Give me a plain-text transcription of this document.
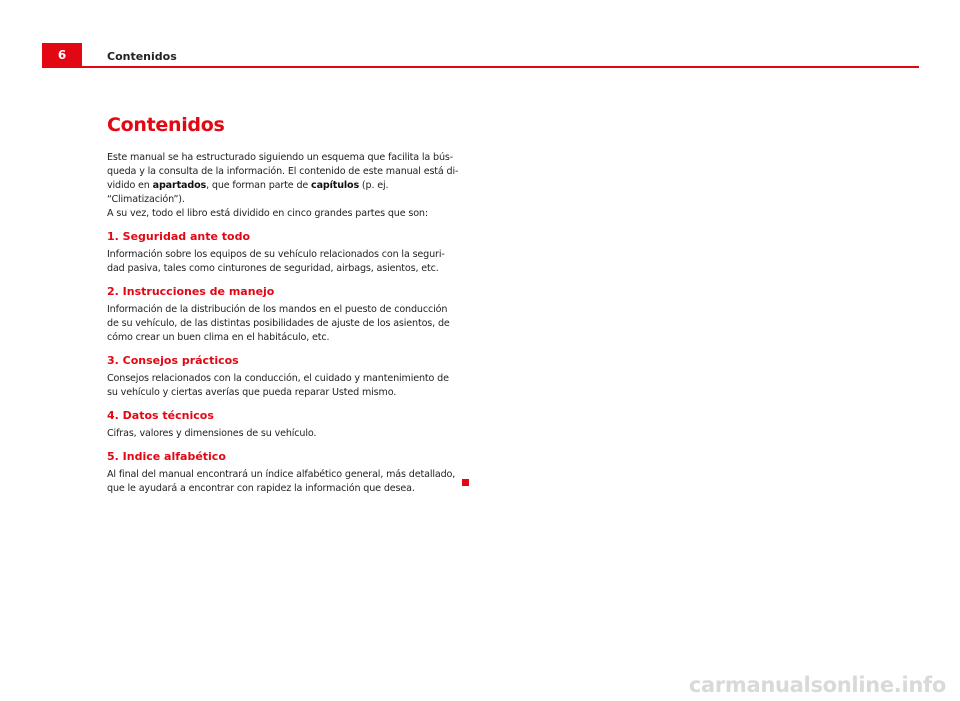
6	Contenidos
Contenidos

Este manual se ha estructurado siguiendo un esquema que facilita la bús-
queda y la consulta de la información. El contenido de este manual está di-
vidido en apartados, que forman parte de capítulos (p. ej. “Climatización”).
A su vez, todo el libro está dividido en cinco grandes partes que son:

1. Seguridad ante todo

Información sobre los equipos de su vehículo relacionados con la seguri-
dad pasiva, tales como cinturones de seguridad, airbags, asientos, etc.

2. Instrucciones de manejo

Información de la distribución de los mandos en el puesto de conducción
de su vehículo, de las distintas posibilidades de ajuste de los asientos, de
cómo crear un buen clima en el habitáculo, etc.

3. Consejos prácticos

Consejos relacionados con la conducción, el cuidado y mantenimiento de
su vehículo y ciertas averías que pueda reparar Usted mismo.

4. Datos técnicos

Cifras, valores y dimensiones de su vehículo.

5. Indice alfabético

Al final del manual encontrará un índice alfabético general, más detallado,
que le ayudará a encontrar con rapidez la información que desea.

carmanualsonline.info
